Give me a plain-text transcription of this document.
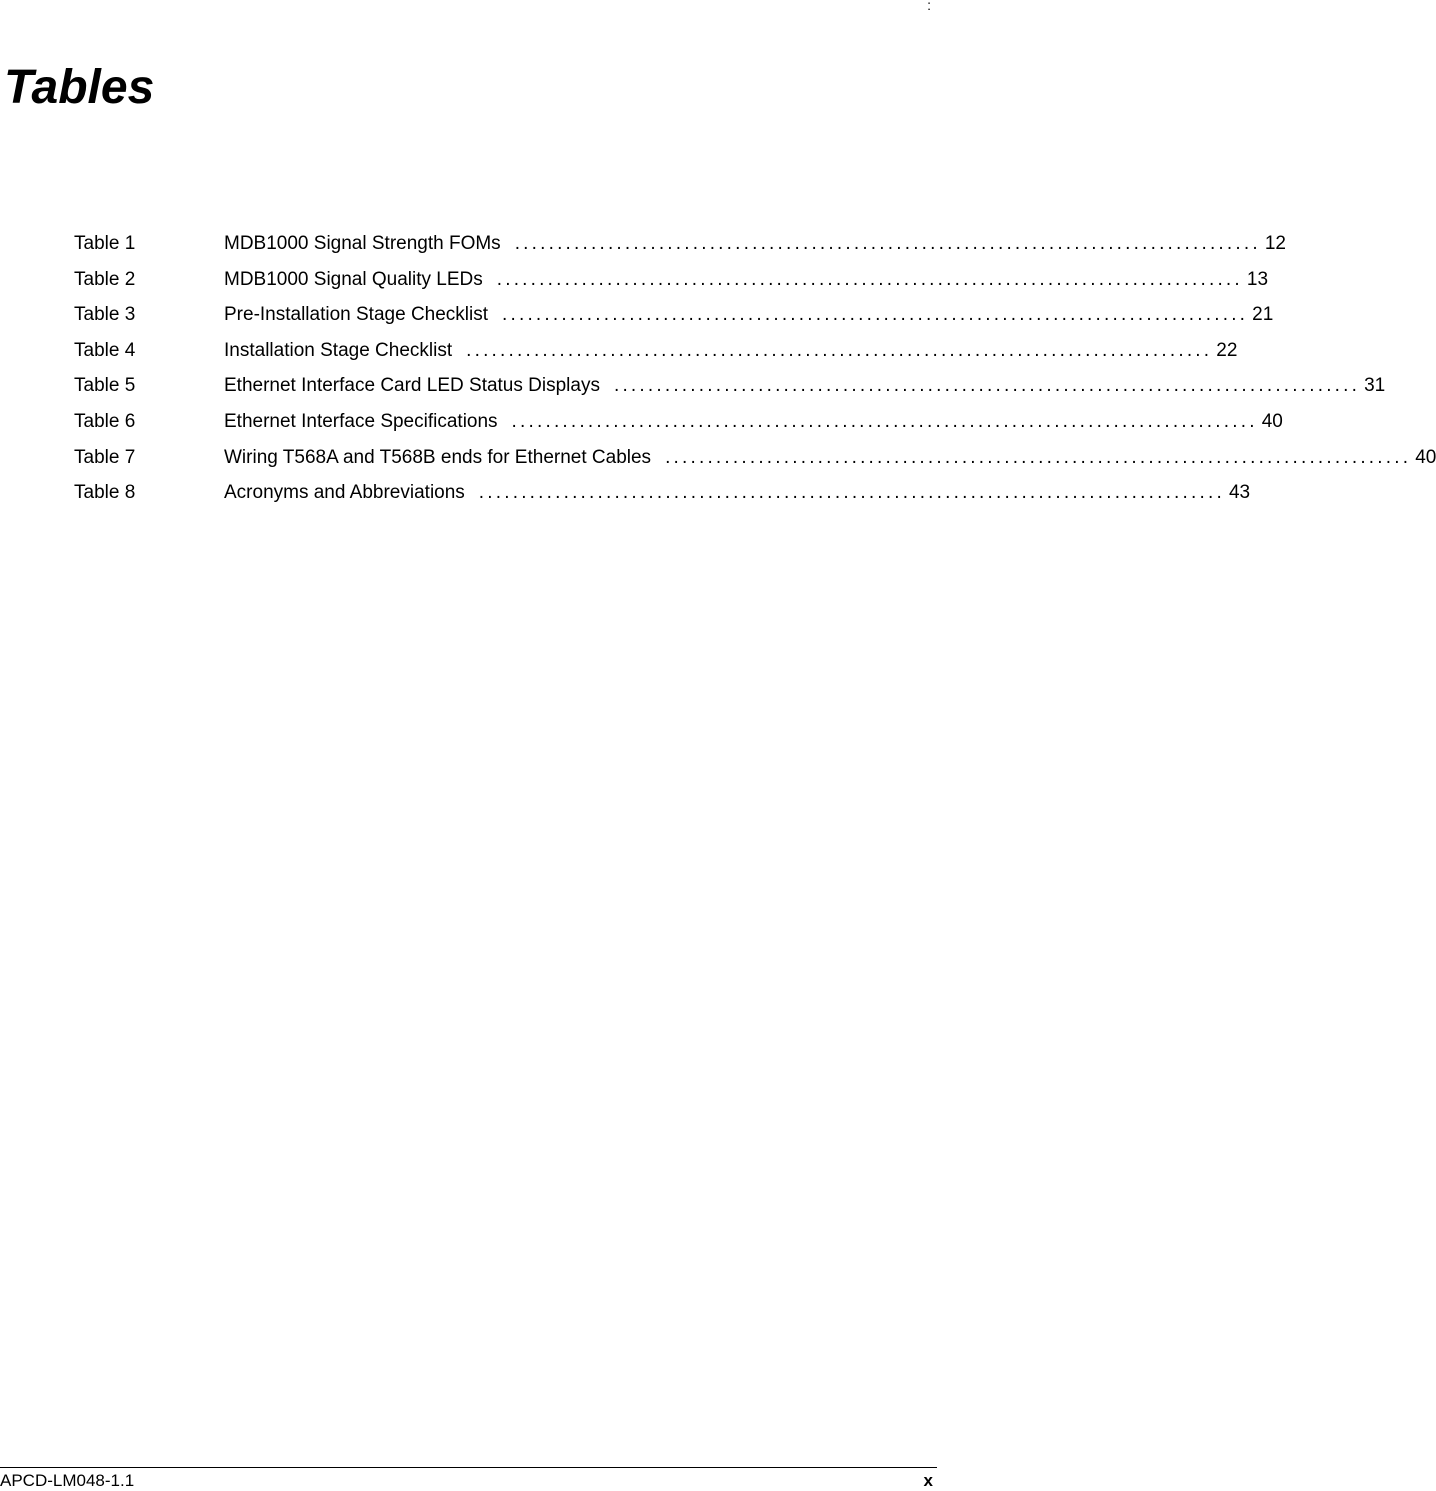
:
Tables
Table 1	MDB1000 Signal Strength FOMs ........................................................................................ 12
Table 2	MDB1000 Signal Quality LEDs ........................................................................................ 13
Table 3	Pre-Installation Stage Checklist ........................................................................................ 21
Table 4	Installation Stage Checklist ........................................................................................ 22
Table 5	Ethernet Interface Card LED Status Displays ........................................................................................ 31
Table 6	Ethernet Interface Specifications ........................................................................................ 40
Table 7	Wiring T568A and T568B ends for Ethernet Cables ........................................................................................ 40
Table 8	Acronyms and Abbreviations ........................................................................................ 43
APCD-LM048-1.1	x
